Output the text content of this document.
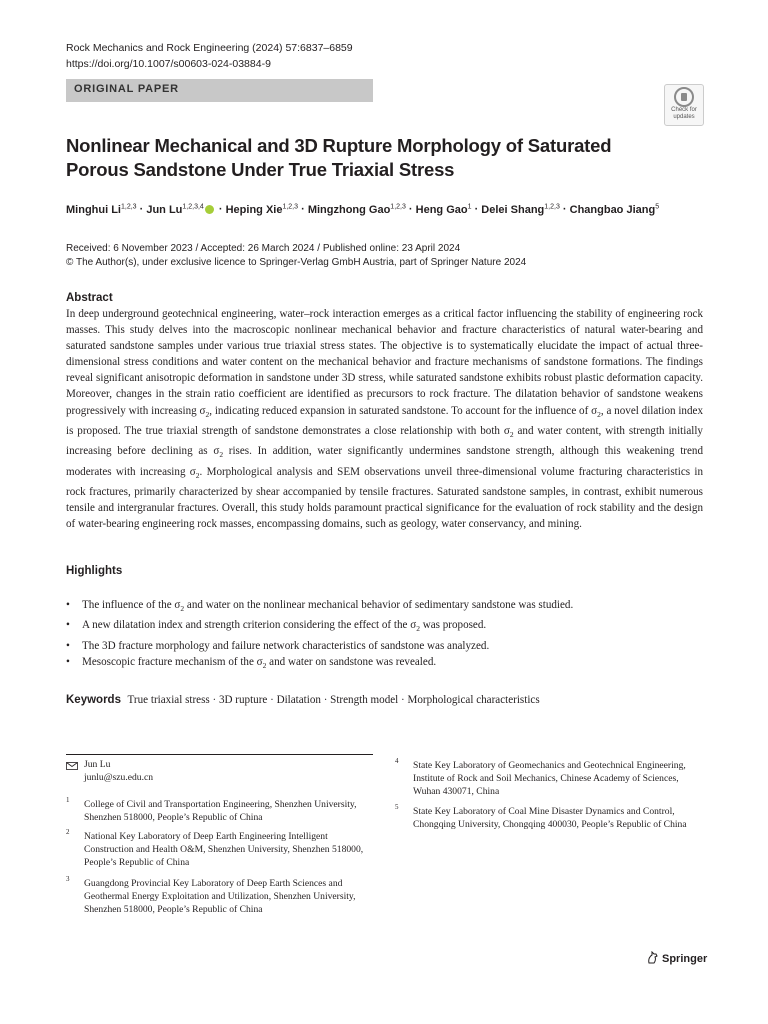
Rock Mechanics and Rock Engineering (2024) 57:6837–6859
https://doi.org/10.1007/s00603-024-03884-9
ORIGINAL PAPER
Check for
updates
Nonlinear Mechanical and 3D Rupture Morphology of Saturated Porous Sandstone Under True Triaxial Stress
Minghui Li$^{1,2,3}$ · Jun Lu$^{1,2,3,4}$ · Heping Xie$^{1,2,3}$ · Mingzhong Gao$^{1,2,3}$ · Heng Gao$^1$ · Delei Shang$^{1,2,3}$ · Changbao Jiang$^5$
Received: 6 November 2023 / Accepted: 26 March 2024 / Published online: 23 April 2024
© The Author(s), under exclusive licence to Springer-Verlag GmbH Austria, part of Springer Nature 2024
Abstract
In deep underground geotechnical engineering, water–rock interaction emerges as a critical factor influencing the stability of engineering rock masses. This study delves into the macroscopic nonlinear mechanical behavior and fracture characteristics of natural water-bearing and saturated sandstone samples under various true triaxial stress states. The objective is to systematically elucidate the impact of actual three-dimensional stress conditions and water content on the mechanical behavior and fracture mechanisms of sandstone formations. The findings reveal significant anisotropic deformation in sandstone under 3D stress, while saturated sandstone exhibits robust plastic deformation capacity. Moreover, changes in the strain ratio coefficient are identified as precursors to rock fracture. The dilatation behavior of sandstone weakens progressively with increasing $\sigma_2$, indicating reduced expansion in saturated sandstone. To account for the influence of $\sigma_2$, a novel dilation index is proposed. The true triaxial strength of sandstone demonstrates a close relationship with both $\sigma_2$ and water content, with strength initially increasing before declining as $\sigma_2$ rises. In addition, water significantly undermines sandstone strength, although this weakening trend moderates with increasing $\sigma_2$. Morphological analysis and SEM observations unveil three-dimensional volume fracturing characteristics in rock fractures, primarily characterized by shear accompanied by tensile fractures. Saturated sandstone samples, in contrast, exhibit numerous tensile and intergranular fractures. Overall, this study holds paramount practical significance for the evaluation of rock stability and the design of water-bearing engineering rock masses, encompassing domains, such as geology, water conservancy, and mining.
Highlights
• The influence of the $\sigma_2$ and water on the nonlinear mechanical behavior of sedimentary sandstone was studied.
• A new dilatation index and strength criterion considering the effect of the $\sigma_2$ was proposed.
• The 3D fracture morphology and failure network characteristics of sandstone was analyzed.
• Mesoscopic fracture mechanism of the $\sigma_2$ and water on sandstone was revealed.
Keywords True triaxial stress · 3D rupture · Dilatation · Strength model · Morphological characteristics
Jun Lu
junlu@szu.edu.cn
1 College of Civil and Transportation Engineering, Shenzhen University, Shenzhen 518000, People’s Republic of China
2 National Key Laboratory of Deep Earth Engineering Intelligent Construction and Health O&M, Shenzhen University, Shenzhen 518000, People’s Republic of China
3 Guangdong Provincial Key Laboratory of Deep Earth Sciences and Geothermal Energy Exploitation and Utilization, Shenzhen University, Shenzhen 518000, People’s Republic of China
4 State Key Laboratory of Geomechanics and Geotechnical Engineering, Institute of Rock and Soil Mechanics, Chinese Academy of Sciences, Wuhan 430071, China
5 State Key Laboratory of Coal Mine Disaster Dynamics and Control, Chongqing University, Chongqing 400030, People’s Republic of China
Springer
